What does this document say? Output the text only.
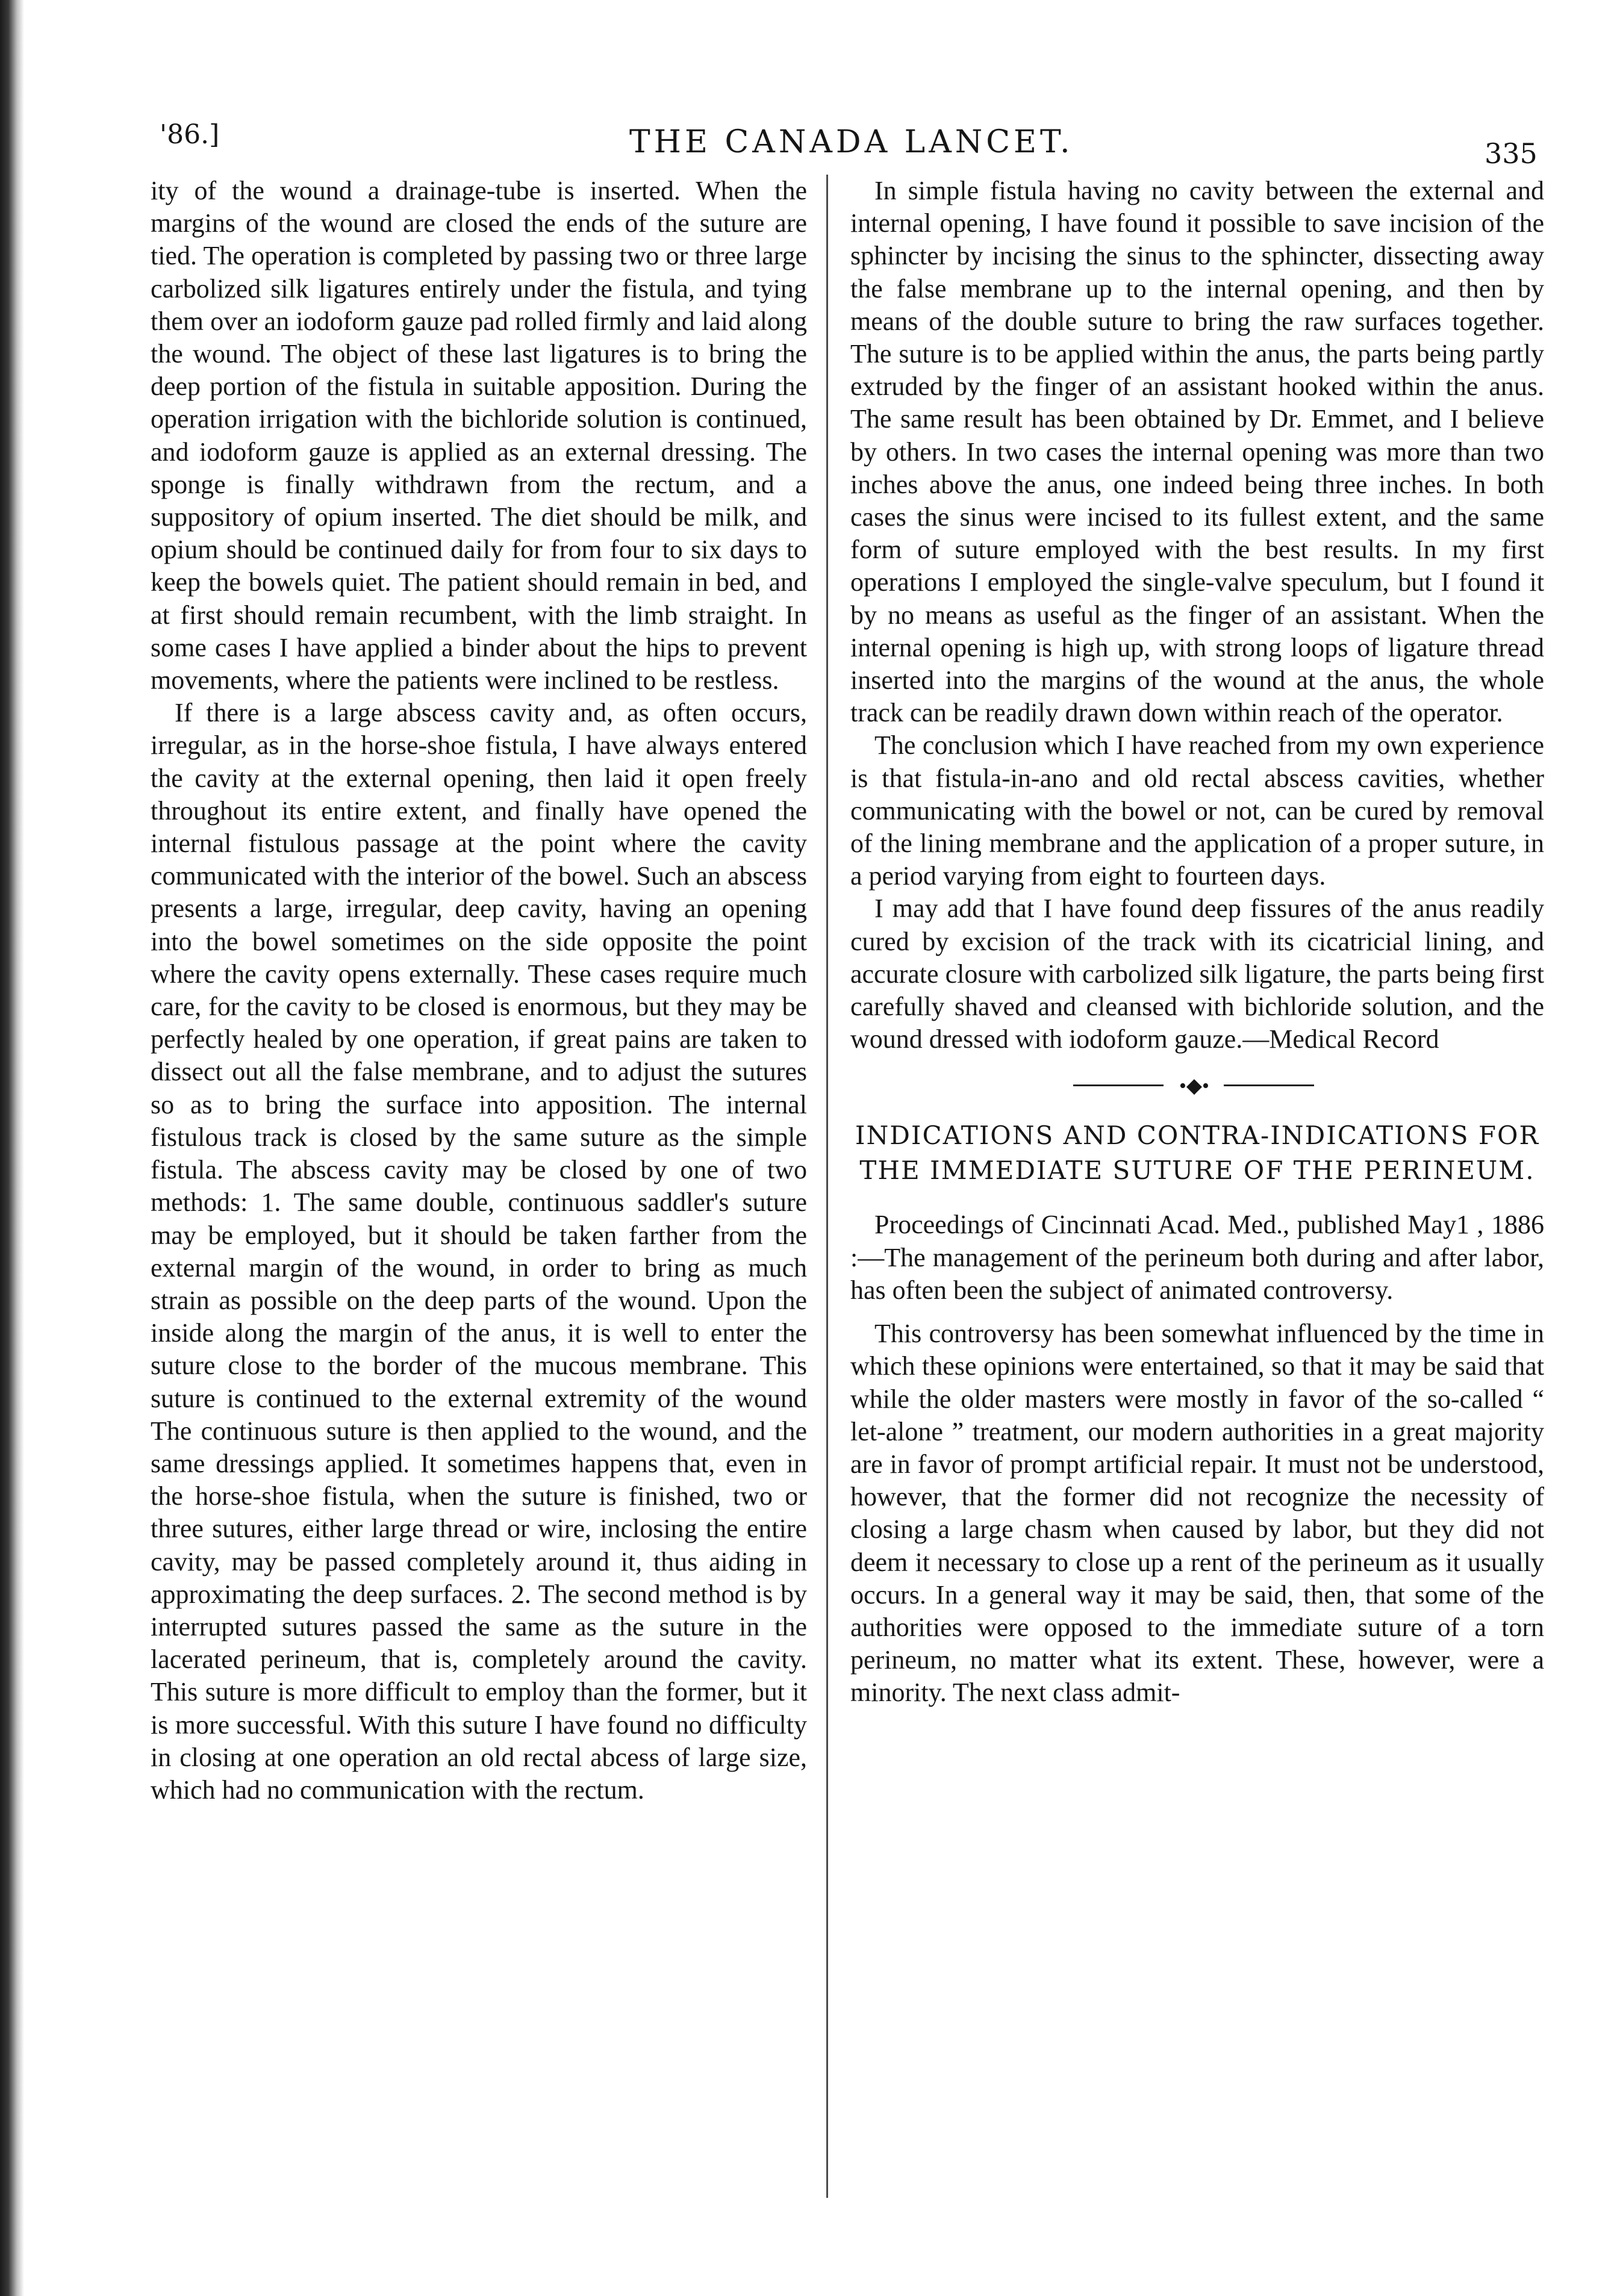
'86.]	THE CANADA LANCET.	335

ity of the wound a drainage-tube is inserted. When the margins of the wound are closed the ends of the suture are tied. The operation is completed by passing two or three large carbolized silk ligatures entirely under the fistula, and tying them over an iodoform gauze pad rolled firmly and laid along the wound. The object of these last ligatures is to bring the deep portion of the fistula in suitable apposition. During the operation irrigation with the bichloride solution is continued, and iodoform gauze is applied as an external dressing. The sponge is finally withdrawn from the rectum, and a suppository of opium inserted. The diet should be milk, and opium should be continued daily for from four to six days to keep the bowels quiet. The patient should remain in bed, and at first should remain recumbent, with the limb straight. In some cases I have applied a binder about the hips to prevent movements, where the patients were inclined to be restless.

If there is a large abscess cavity and, as often occurs, irregular, as in the horse-shoe fistula, I have always entered the cavity at the external opening, then laid it open freely throughout its entire extent, and finally have opened the internal fistulous passage at the point where the cavity communicated with the interior of the bowel. Such an abscess presents a large, irregular, deep cavity, having an opening into the bowel sometimes on the side opposite the point where the cavity opens externally. These cases require much care, for the cavity to be closed is enormous, but they may be perfectly healed by one operation, if great pains are taken to dissect out all the false membrane, and to adjust the sutures so as to bring the surface into apposition. The internal fistulous track is closed by the same suture as the simple fistula. The abscess cavity may be closed by one of two methods: 1. The same double, continuous saddler's suture may be employed, but it should be taken farther from the external margin of the wound, in order to bring as much strain as possible on the deep parts of the wound. Upon the inside along the margin of the anus, it is well to enter the suture close to the border of the mucous membrane. This suture is continued to the external extremity of the wound The continuous suture is then applied to the wound, and the same dressings applied. It sometimes happens that, even in the horse-shoe fistula, when the suture is finished, two or three sutures, either large thread or wire, inclosing the entire cavity, may be passed completely around it, thus aiding in approximating the deep surfaces. 2. The second method is by interrupted sutures passed the same as the suture in the lacerated perineum, that is, completely around the cavity. This suture is more difficult to employ than the former, but it is more successful. With this suture I have found no difficulty in closing at one operation an old rectal abcess of large size, which had no communication with the rectum.

In simple fistula having no cavity between the external and internal opening, I have found it possible to save incision of the sphincter by incising the sinus to the sphincter, dissecting away the false membrane up to the internal opening, and then by means of the double suture to bring the raw surfaces together. The suture is to be applied within the anus, the parts being partly extruded by the finger of an assistant hooked within the anus. The same result has been obtained by Dr. Emmet, and I believe by others. In two cases the internal opening was more than two inches above the anus, one indeed being three inches. In both cases the sinus were incised to its fullest extent, and the same form of suture employed with the best results. In my first operations I employed the single-valve speculum, but I found it by no means as useful as the finger of an assistant. When the internal opening is high up, with strong loops of ligature thread inserted into the margins of the wound at the anus, the whole track can be readily drawn down within reach of the operator.

The conclusion which I have reached from my own experience is that fistula-in-ano and old rectal abscess cavities, whether communicating with the bowel or not, can be cured by removal of the lining membrane and the application of a proper suture, in a period varying from eight to fourteen days.

I may add that I have found deep fissures of the anus readily cured by excision of the track with its cicatricial lining, and accurate closure with carbolized silk ligature, the parts being first carefully shaved and cleansed with bichloride solution, and the wound dressed with iodoform gauze.—Medical Record

•◆•
INDICATIONS AND CONTRA-INDICATIONS FOR THE IMMEDIATE SUTURE OF THE PERINEUM.

Proceedings of Cincinnati Acad. Med., published May1 , 1886 :—The management of the perineum both during and after labor, has often been the subject of animated controversy.

This controversy has been somewhat influenced by the time in which these opinions were entertained, so that it may be said that while the older masters were mostly in favor of the so-called “ let-alone ” treatment, our modern authorities in a great majority are in favor of prompt artificial repair. It must not be understood, however, that the former did not recognize the necessity of closing a large chasm when caused by labor, but they did not deem it necessary to close up a rent of the perineum as it usually occurs. In a general way it may be said, then, that some of the authorities were opposed to the immediate suture of a torn perineum, no matter what its extent. These, however, were a minority. The next class admit-
